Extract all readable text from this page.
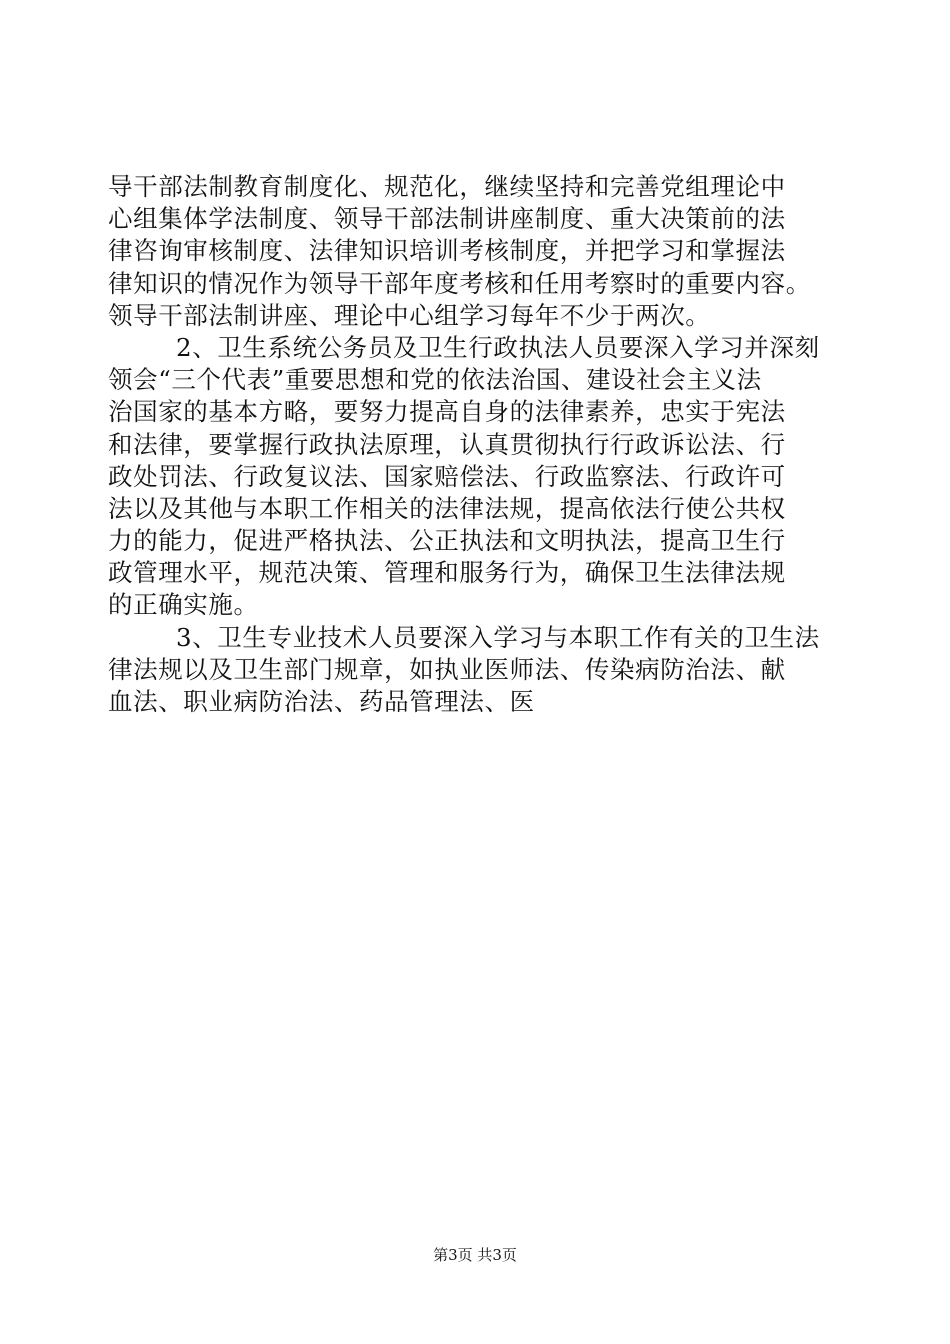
导干部法制教育制度化、规范化，继续坚持和完善党组理论中
心组集体学法制度、领导干部法制讲座制度、重大决策前的法
律咨询审核制度、法律知识培训考核制度，并把学习和掌握法
律知识的情况作为领导干部年度考核和任用考察时的重要内容。
领导干部法制讲座、理论中心组学习每年不少于两次。
2、卫生系统公务员及卫生行政执法人员要深入学习并深刻
领会“三个代表”重要思想和党的依法治国、建设社会主义法
治国家的基本方略，要努力提高自身的法律素养，忠实于宪法
和法律，要掌握行政执法原理，认真贯彻执行行政诉讼法、行
政处罚法、行政复议法、国家赔偿法、行政监察法、行政许可
法以及其他与本职工作相关的法律法规，提高依法行使公共权
力的能力，促进严格执法、公正执法和文明执法，提高卫生行
政管理水平，规范决策、管理和服务行为，确保卫生法律法规
的正确实施。
3、卫生专业技术人员要深入学习与本职工作有关的卫生法
律法规以及卫生部门规章，如执业医师法、传染病防治法、献
血法、职业病防治法、药品管理法、医
第3页 共3页
